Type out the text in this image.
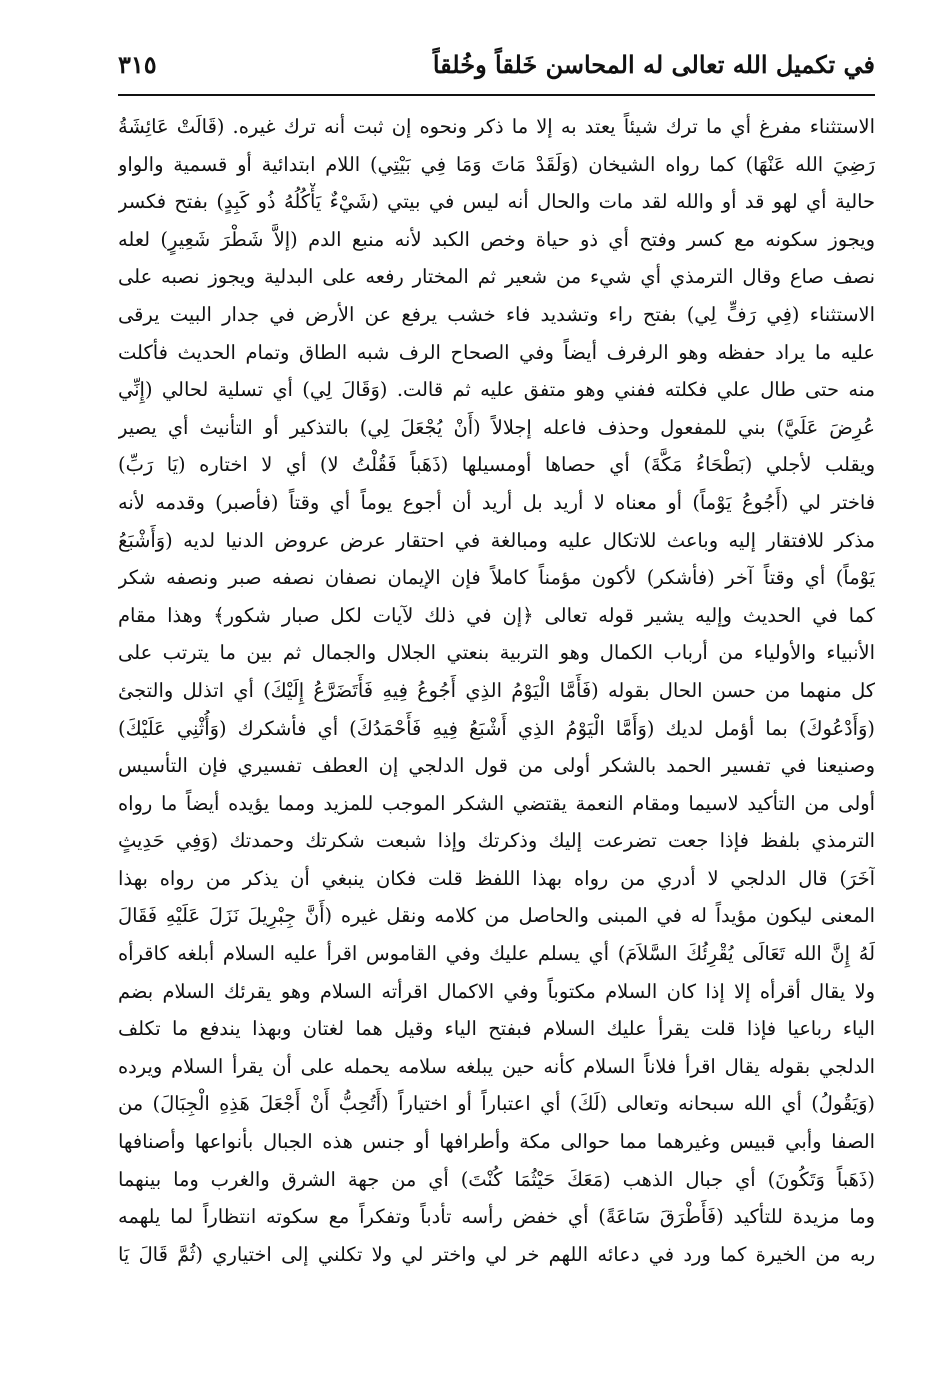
في تكميل الله تعالى له المحاسن خَلقاً وخُلقاً
٣١٥
الاستثناء مفرغ أي ما ترك شيئاً يعتد به إلا ما ذكر ونحوه إن ثبت أنه ترك غيره. (قَالَتْ عَائِشَةُ
رَضِيَ الله عَنْهَا) كما رواه الشيخان (وَلَقَدْ مَاتَ وَمَا فِي بَيْتِي) اللام ابتدائية أو قسمية والواو
حالية أي لهو قد أو والله لقد مات والحال أنه ليس في بيتي (شَيْءٌ يَأْكُلُهُ ذُو كَبِدٍ) بفتح فكسر
ويجوز سكونه مع كسر وفتح أي ذو حياة وخص الكبد لأنه منبع الدم (إلاَّ شَطْرَ شَعِيرٍ) لعله
نصف صاع وقال الترمذي أي شيء من شعير ثم المختار رفعه على البدلية ويجوز نصبه على
الاستثناء (فِي رَفٍّ لِي) بفتح راء وتشديد فاء خشب يرفع عن الأرض في جدار البيت يرقى
عليه ما يراد حفظه وهو الرفرف أيضاً وفي الصحاح الرف شبه الطاق وتمام الحديث فأكلت
منه حتى طال علي فكلته ففني وهو متفق عليه ثم قالت. (وَقَالَ لِي) أي تسلية لحالي (إِنِّي
عُرِضَ عَلَيَّ) بني للمفعول وحذف فاعله إجلالاً (أَنْ يُجْعَلَ لِي) بالتذكير أو التأنيث أي يصير
ويقلب لأجلي (بَطْحَاءُ مَكَّةَ) أي حصاها أومسيلها (ذَهَباً فَقُلْتُ لا) أي لا اختاره (يَا رَبِّ)
فاختر لي (أَجُوعُ يَوْماً) أو معناه لا أريد بل أريد أن أجوع يوماً أي وقتاً (فأصبر) وقدمه لأنه
مذكر للافتقار إليه وباعث للاتكال عليه ومبالغة في احتقار عرض عروض الدنيا لديه (وَأَشْبَعُ
يَوْماً) أي وقتاً آخر (فأشكر) لأكون مؤمناً كاملاً فإن الإيمان نصفان نصفه صبر ونصفه شكر
كما في الحديث وإليه يشير قوله تعالى ﴿إن في ذلك لآيات لكل صبار شكور﴾ وهذا مقام
الأنبياء والأولياء من أرباب الكمال وهو التربية بنعتي الجلال والجمال ثم بين ما يترتب على
كل منهما من حسن الحال بقوله (فَأَمَّا الْيَوْمُ الذِي أَجُوعُ فِيهِ فَأَتَضَرَّعُ إِلَيْكَ) أي اتذلل والتجئ
(وَأَدْعُوكَ) بما أؤمل لديك (وَأَمَّا الْيَوْمُ الذِي أَشْبَعُ فِيهِ فَأَحْمَدُكَ) أي فأشكرك (وَأُثْنِي عَلَيْكَ)
وصنيعنا في تفسير الحمد بالشكر أولى من قول الدلجي إن العطف تفسيري فإن التأسيس
أولى من التأكيد لاسيما ومقام النعمة يقتضي الشكر الموجب للمزيد ومما يؤيده أيضاً ما رواه
الترمذي بلفظ فإذا جعت تضرعت إليك وذكرتك وإذا شبعت شكرتك وحمدتك (وَفِي حَدِيثٍ
آخَرَ) قال الدلجي لا أدري من رواه بهذا اللفظ قلت فكان ينبغي أن يذكر من رواه بهذا
المعنى ليكون مؤيداً له في المبنى والحاصل من كلامه ونقل غيره (أَنَّ جِبْرِيلَ نَزَلَ عَلَيْهِ فَقَالَ
لَهُ إِنَّ الله تَعَالَى يُقْرِئُكَ السَّلاَمَ) أي يسلم عليك وفي القاموس اقرأ عليه السلام أبلغه كاقرأه
ولا يقال أقرأه إلا إذا كان السلام مكتوباً وفي الاكمال اقرأته السلام وهو يقرئك السلام بضم
الياء رباعيا فإذا قلت يقرأ عليك السلام فبفتح الياء وقيل هما لغتان وبهذا يندفع ما تكلف
الدلجي بقوله يقال اقرأ فلاناً السلام كأنه حين يبلغه سلامه يحمله على أن يقرأ السلام ويرده
(وَيَقُولُ) أي الله سبحانه وتعالى (لَكَ) أي اعتباراً أو اختياراً (أَتُحِبُّ أَنْ أَجْعَلَ هَذِهِ الْجِبَالَ) من
الصفا وأبي قبيس وغيرهما مما حوالى مكة وأطرافها أو جنس هذه الجبال بأنواعها وأصنافها
(ذَهَباً وَتَكُونَ) أي جبال الذهب (مَعَكَ حَيْثُمَا كُنْتَ) أي من جهة الشرق والغرب وما بينهما
وما مزيدة للتأكيد (فَأَطْرَقَ سَاعَةً) أي خفض رأسه تأدباً وتفكراً مع سكوته انتظاراً لما يلهمه
ربه من الخيرة كما ورد في دعائه اللهم خر لي واختر لي ولا تكلني إلى اختياري (ثُمَّ قَالَ يَا
